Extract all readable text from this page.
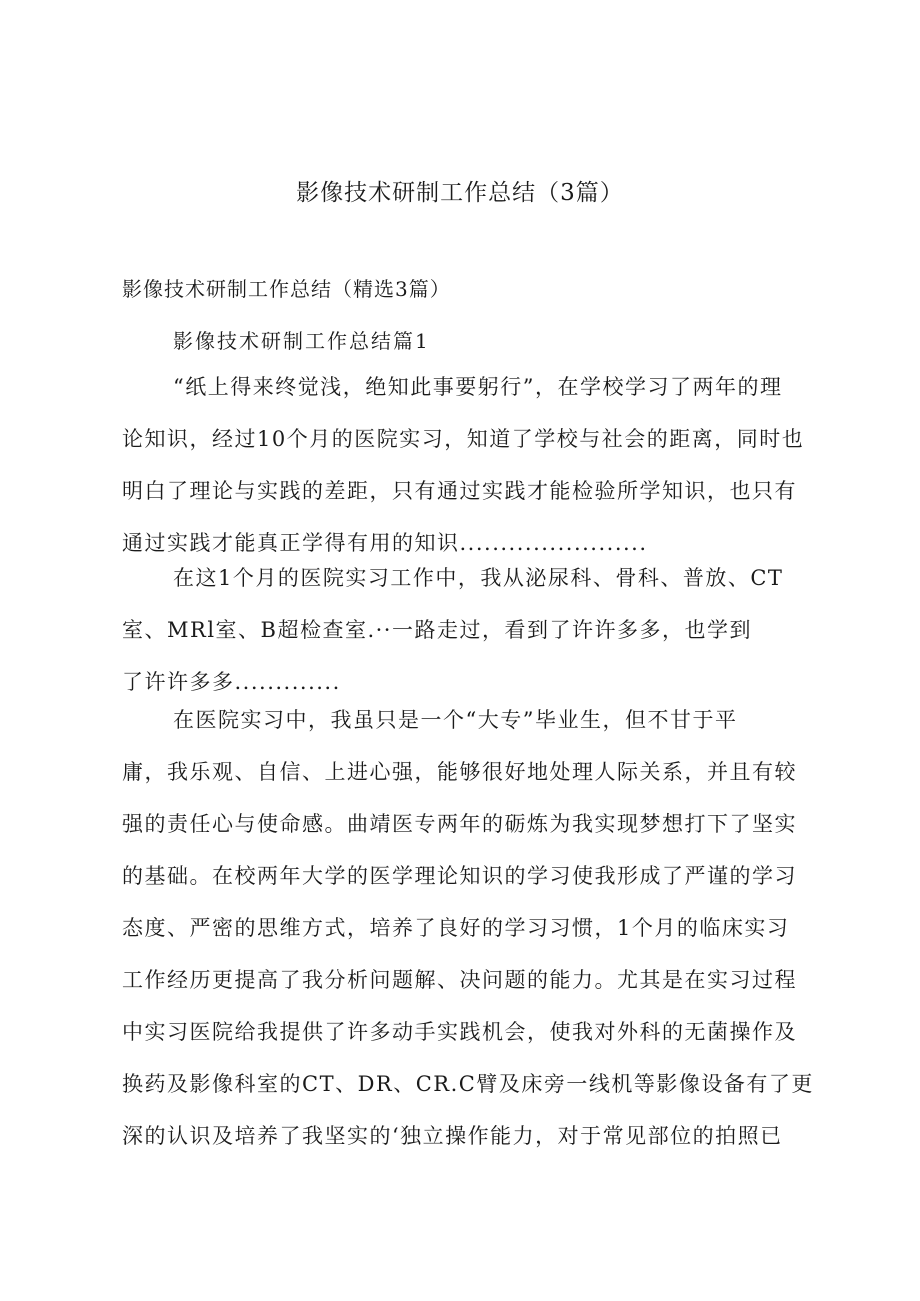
影像技术研制工作总结（3篇）
影像技术研制工作总结（精选3篇）
影像技术研制工作总结篇1
“纸上得来终觉浅，绝知此事要躬行”，在学校学习了两年的理
论知识，经过10个月的医院实习，知道了学校与社会的距离，同时也
明白了理论与实践的差距，只有通过实践才能检验所学知识，也只有
通过实践才能真正学得有用的知识.......................
在这1个月的医院实习工作中，我从泌尿科、骨科、普放、CT
室、MRl室、B超检查室.··一路走过，看到了许许多多，也学到
了许许多多.............
在医院实习中，我虽只是一个“大专”毕业生，但不甘于平
庸，我乐观、自信、上进心强，能够很好地处理人际关系，并且有较
强的责任心与使命感。曲靖医专两年的砺炼为我实现梦想打下了坚实
的基础。在校两年大学的医学理论知识的学习使我形成了严谨的学习
态度、严密的思维方式，培养了良好的学习习惯，1个月的临床实习
工作经历更提高了我分析问题解、决问题的能力。尤其是在实习过程
中实习医院给我提供了许多动手实践机会，使我对外科的无菌操作及
换药及影像科室的CT、DR、CR.C臂及床旁一线机等影像设备有了更
深的认识及培养了我坚实的‘独立操作能力，对于常见部位的拍照已
